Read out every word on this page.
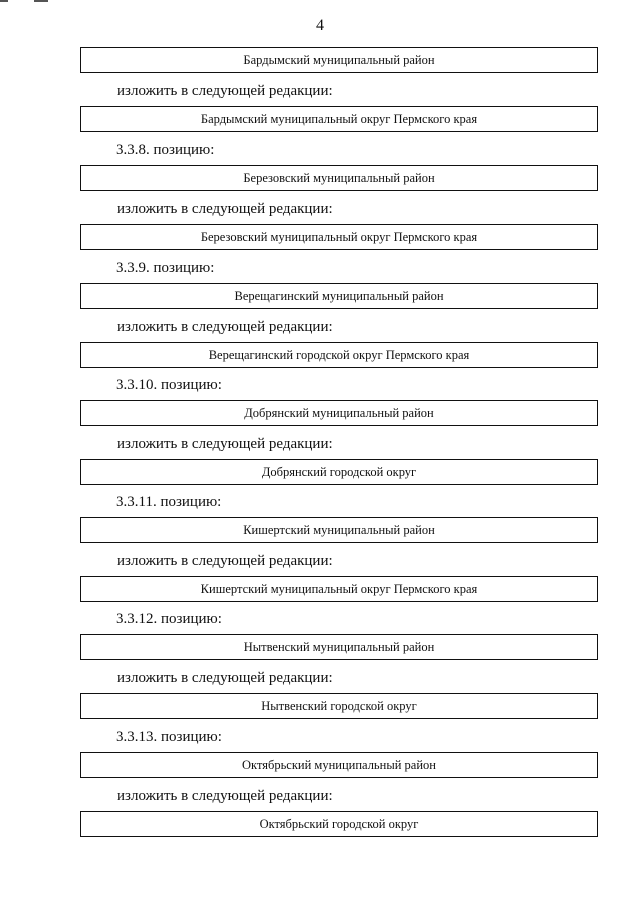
4
Бардымский муниципальный район
изложить в следующей редакции:
Бардымский муниципальный округ Пермского края
3.3.8. позицию:
Березовский муниципальный район
изложить в следующей редакции:
Березовский муниципальный округ Пермского края
3.3.9. позицию:
Верещагинский муниципальный район
изложить в следующей редакции:
Верещагинский городской округ Пермского края
3.3.10. позицию:
Добрянский муниципальный район
изложить в следующей редакции:
Добрянский городской округ
3.3.11. позицию:
Кишертский муниципальный район
изложить в следующей редакции:
Кишертский муниципальный округ Пермского края
3.3.12. позицию:
Нытвенский муниципальный район
изложить в следующей редакции:
Нытвенский городской округ
3.3.13. позицию:
Октябрьский муниципальный район
изложить в следующей редакции:
Октябрьский городской округ
